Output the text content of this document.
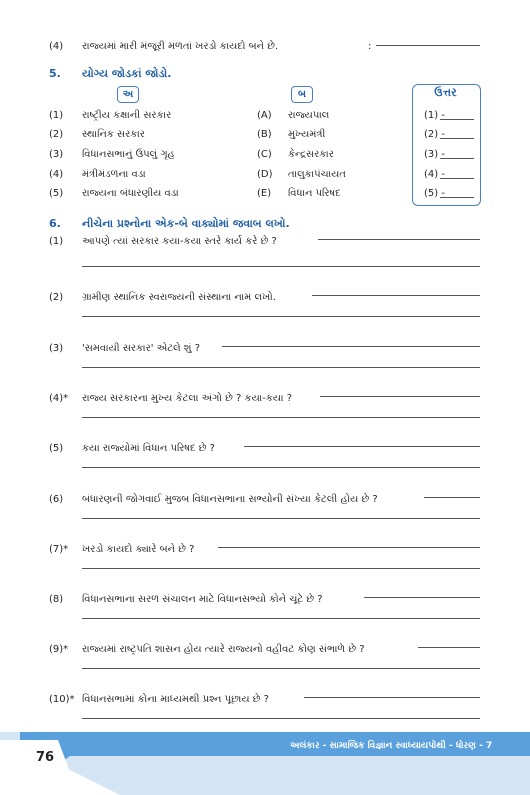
(4) રાજ્યમાં મારી મંજૂરી મળતાં ખરડો કાયદો બને છે.	:
5. યોગ્ય જોડકાં જોડો.
અ	બ	ઉત્તર
(1) રાષ્ટ્રીય કક્ષાની સરકાર	(A) રાજ્યપાલ	(1) -
(2) સ્થાનિક સરકાર	(B) મુખ્યમંત્રી	(2) -
(3) વિધાનસભાનું ઉપલું ગૃહ	(C) કેન્દ્રસરકાર	(3) -
(4) મંત્રીમંડળના વડા	(D) તાલુકાપંચાયત	(4) -
(5) રાજ્યના બંધારણીય વડા	(E) વિધાન પરિષદ	(5) -
6. નીચેના પ્રશ્નોના એક-બે વાક્યોમાં જવાબ લખો.
(1) આપણે ત્યાં સરકાર કયા-કયા સ્તરે કાર્ય કરે છે ?
(2) ગ્રામીણ સ્થાનિક સ્વરાજ્યની સંસ્થાના નામ લખો.
(3) 'સમવાયી સરકાર' એટલે શું ?
(4)* રાજ્ય સરકારના મુખ્ય કેટલા અંગો છે ? કયા-કયા ?
(5) કયા રાજ્યોમાં વિધાન પરિષદ છે ?
(6) બંધારણની જોગવાઈ મુજબ વિધાનસભાના સભ્યોની સંખ્યા કેટલી હોય છે ?
(7)* ખરડો કાયદો ક્યારે બને છે ?
(8) વિધાનસભાના સરળ સંચાલન માટે વિધાનસભ્યો કોને ચૂંટે છે ?
(9)* રાજ્યમાં રાષ્ટ્રપતિ શાસન હોય ત્યારે રાજ્યનો વહીવટ કોણ સંભાળે છે ?
(10)* વિધાનસભામાં કોના માધ્યમથી પ્રશ્ન પૂછાય છે ?
76
અલંકાર - સામાજિક વિજ્ઞાન સ્વાધ્યાયપોથી - ધોરણ - 7
